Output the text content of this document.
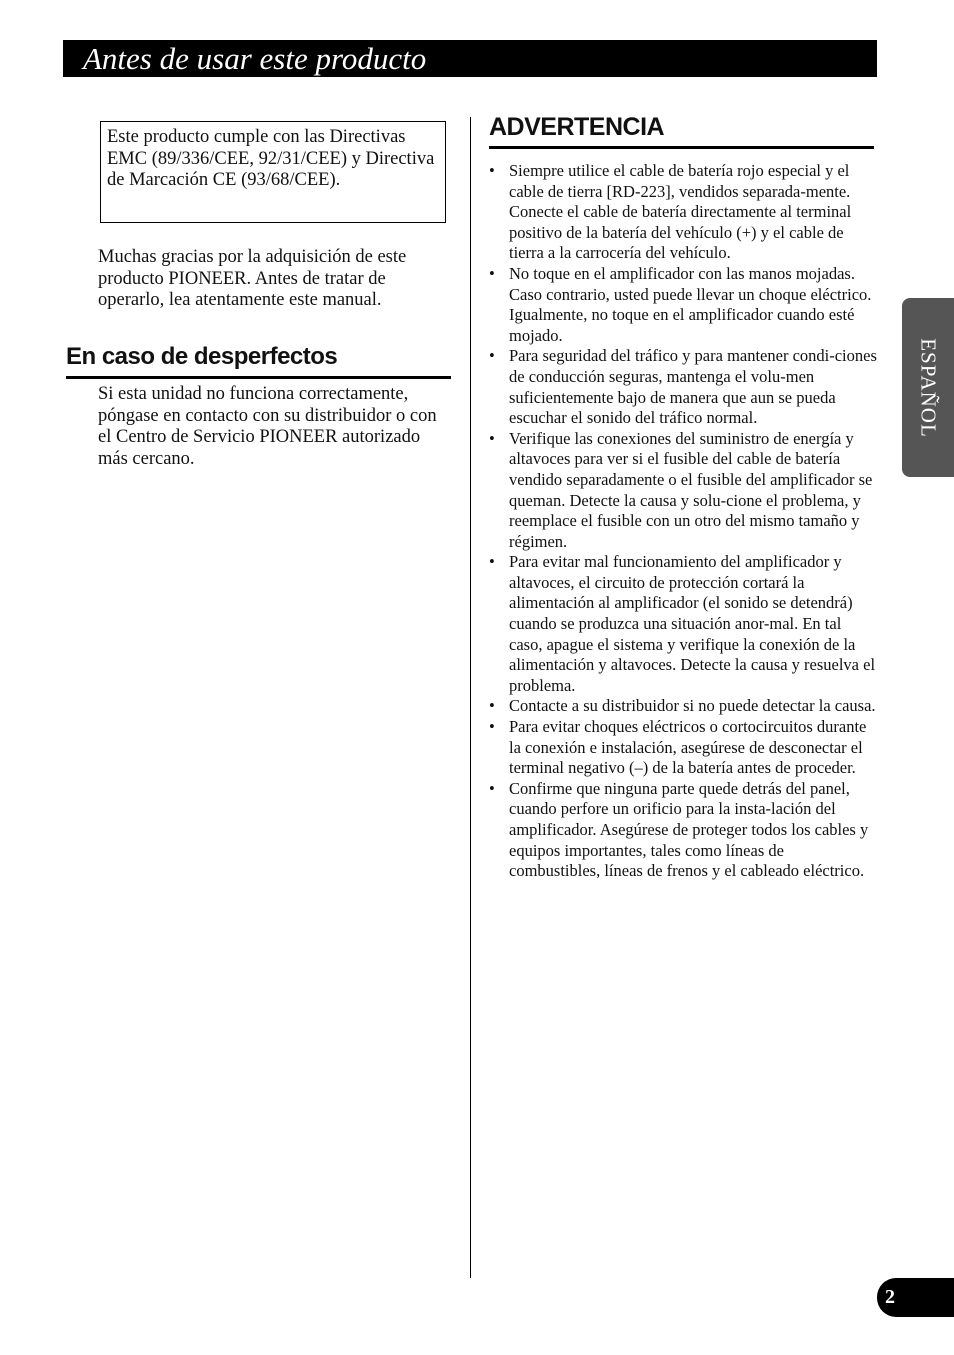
Antes de usar este producto
Este producto cumple con las Directivas EMC (89/336/CEE, 92/31/CEE) y Directiva de Marcación CE (93/68/CEE).
Muchas gracias por la adquisición de este producto PIONEER. Antes de tratar de operarlo, lea atentamente este manual.
En caso de desperfectos
Si esta unidad no funciona correctamente, póngase en contacto con su distribuidor o con el Centro de Servicio PIONEER autorizado más cercano.
ADVERTENCIA
• Siempre utilice el cable de batería rojo especial y el cable de tierra [RD-223], vendidos separada-mente. Conecte el cable de batería directamente al terminal positivo de la batería del vehículo (+) y el cable de tierra a la carrocería del vehículo.
• No toque en el amplificador con las manos mojadas. Caso contrario, usted puede llevar un choque eléctrico. Igualmente, no toque en el amplificador cuando esté mojado.
• Para seguridad del tráfico y para mantener condi-ciones de conducción seguras, mantenga el volu-men suficientemente bajo de manera que aun se pueda escuchar el sonido del tráfico normal.
• Verifique las conexiones del suministro de energía y altavoces para ver si el fusible del cable de batería vendido separadamente o el fusible del amplificador se queman. Detecte la causa y solu-cione el problema, y reemplace el fusible con un otro del mismo tamaño y régimen.
• Para evitar mal funcionamiento del amplificador y altavoces, el circuito de protección cortará la alimentación al amplificador (el sonido se detendrá) cuando se produzca una situación anor-mal. En tal caso, apague el sistema y verifique la conexión de la alimentación y altavoces. Detecte la causa y resuelva el problema.
• Contacte a su distribuidor si no puede detectar la causa.
• Para evitar choques eléctricos o cortocircuitos durante la conexión e instalación, asegúrese de desconectar el terminal negativo (–) de la batería antes de proceder.
• Confirme que ninguna parte quede detrás del panel, cuando perfore un orificio para la insta-lación del amplificador. Asegúrese de proteger todos los cables y equipos importantes, tales como líneas de combustibles, líneas de frenos y el cableado eléctrico.
ESPAÑOL
2
